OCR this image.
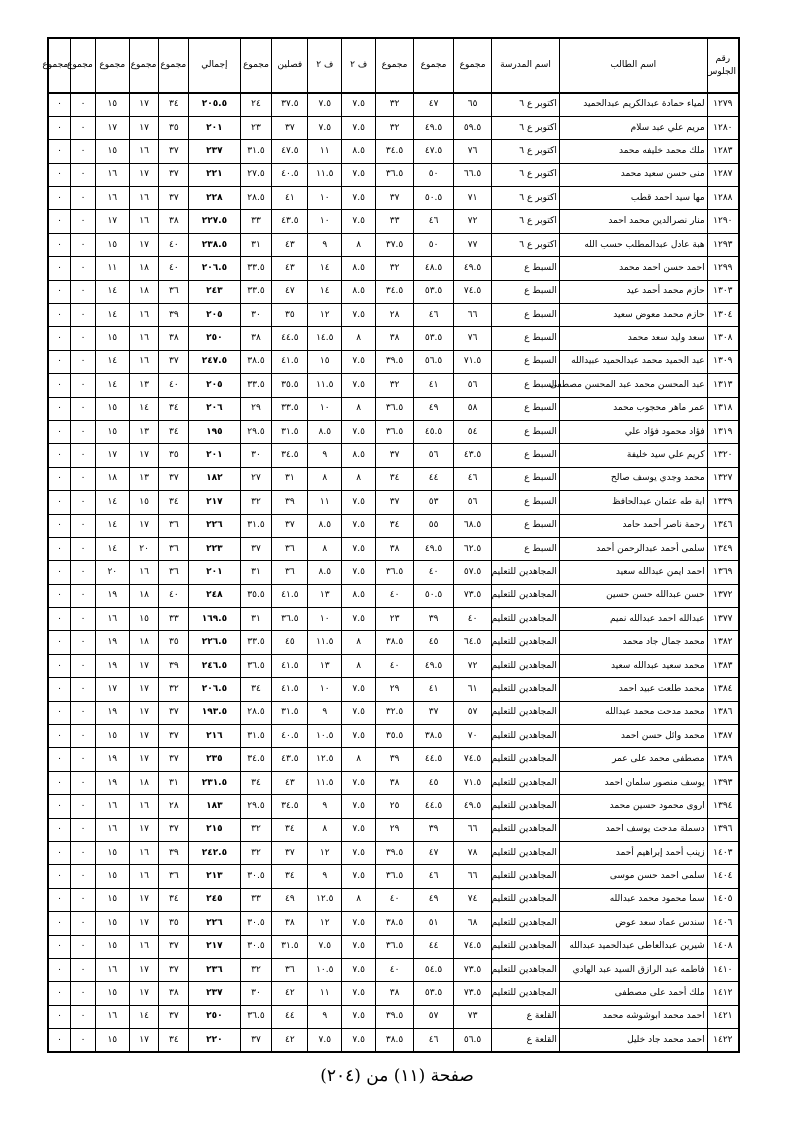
رقم الجلوس	اسم الطالب	اسم المدرسة	مجموع	مجموع	مجموع	ف ٢	ف ٢	فصلين	مجموع	إجمالي	مجموع	مجموع	مجموع	مجموع	مجموع
١٢٧٩	لمياء حمادة عبدالكريم عبدالحميد	اكتوبر ع ٦	٦٥	٤٧	٣٢	٧.٥	٧.٥	٣٧.٥	٢٤	٢٠٥.٥	٣٤	١٧	١٥	٠	٠
١٢٨٠	مريم علي عبد سلام	اكتوبر ع ٦	٥٩.٥	٤٩.٥	٣٢	٧.٥	٧.٥	٣٧	٢٣	٢٠١	٣٥	١٧	١٧	٠	٠
١٢٨٣	ملك محمد خليفه محمد	اكتوبر ع ٦	٧٦	٤٧.٥	٣٤.٥	٨.٥	١١	٤٧.٥	٣١.٥	٢٣٧	٣٧	١٦	١٥	٠	٠
١٢٨٧	منى حسن سعيد محمد	اكتوبر ع ٦	٦٦.٥	٥٠	٣٦.٥	٧.٥	١١.٥	٤٠.٥	٢٧.٥	٢٢١	٣٧	١٧	١٦	٠	٠
١٢٨٨	مها سيد احمد قطب	اكتوبر ع ٦	٧١	٥٠.٥	٣٧	٧.٥	١٠	٤١	٢٨.٥	٢٢٨	٣٧	١٦	١٦	٠	٠
١٢٩٠	منار نصرالدين محمد احمد	اكتوبر ع ٦	٧٢	٤٦	٣٣	٧.٥	١٠	٤٣.٥	٣٣	٢٢٧.٥	٣٨	١٦	١٧	٠	٠
١٢٩٣	هبة عادل عبدالمطلب حسب الله	اكتوبر ع ٦	٧٧	٥٠	٣٧.٥	٨	٩	٤٣	٣١	٢٣٨.٥	٤٠	١٧	١٥	٠	٠
١٢٩٩	احمد حسن احمد محمد	السبط ع	٤٩.٥	٤٨.٥	٣٢	٨.٥	١٤	٤٣	٣٣.٥	٢٠٦.٥	٤٠	١٨	١١	٠	٠
١٣٠٣	حازم محمد أحمد عيد	السبط ع	٧٤.٥	٥٣.٥	٣٤.٥	٨.٥	١٤	٤٧	٣٣.٥	٢٤٣	٣٦	١٨	١٤	٠	٠
١٣٠٤	حازم محمد معوض سعيد	السبط ع	٦٦	٤٦	٢٨	٧.٥	١٢	٣٥	٣٠	٢٠٥	٣٩	١٦	١٤	٠	٠
١٣٠٨	سعد وليد سعد محمد	السبط ع	٧٦	٥٣.٥	٣٨	٨	١٤.٥	٤٤.٥	٣٨	٢٥٠	٣٨	١٦	١٥	٠	٠
١٣٠٩	عبد الحميد محمد عبدالحميد عبيدالله	السبط ع	٧١.٥	٥٦.٥	٣٩.٥	٧.٥	١٥	٤١.٥	٣٨.٥	٢٤٧.٥	٣٧	١٦	١٤	٠	٠
١٣١٣	عبد المحسن محمد عبد المحسن مصطفى	السبط ع	٥٦	٤١	٣٢	٧.٥	١١.٥	٣٥.٥	٣٣.٥	٢٠٥	٤٠	١٣	١٤	٠	٠
١٣١٨	عمر ماهر محجوب محمد	السبط ع	٥٨	٤٩	٣٦.٥	٨	١٠	٣٣.٥	٢٩	٢٠٦	٣٤	١٤	١٥	٠	٠
١٣١٩	فؤاد محمود فؤاد علي	السبط ع	٥٤	٤٥.٥	٣٦.٥	٧.٥	٨.٥	٣١.٥	٢٩.٥	١٩٥	٣٤	١٣	١٥	٠	٠
١٣٢٠	كريم علي سيد خليفة	السبط ع	٤٣.٥	٥٦	٣٧	٨.٥	٩	٣٤.٥	٣٠	٢٠١	٣٥	١٧	١٧	٠	٠
١٣٢٧	محمد وجدي يوسف صالح	السبط ع	٤٦	٤٤	٣٤	٨	٨	٣١	٢٧	١٨٢	٣٧	١٣	١٨	٠	٠
١٣٣٩	ابة طه عثمان عبدالحافظ	السبط ع	٥٦	٥٣	٣٧	٧.٥	١١	٣٩	٣٢	٢١٧	٣٤	١٥	١٤	٠	٠
١٣٤٦	رحمة ناصر أحمد حامد	السبط ع	٦٨.٥	٥٥	٣٤	٧.٥	٨.٥	٣٧	٣١.٥	٢٢٦	٣٦	١٧	١٤	٠	٠
١٣٤٩	سلمى أحمد عبدالرحمن أحمد	السبط ع	٦٢.٥	٤٩.٥	٣٨	٧.٥	٨	٣٦	٣٧	٢٢٣	٣٦	٢٠	١٤	٠	٠
١٣٦٩	احمد ايمن عبدالله سعيد	المجاهدين للتعليم	٥٧.٥	٤٠	٣٦.٥	٧.٥	٨.٥	٣٦	٣١	٢٠١	٣٦	١٦	٢٠	٠	٠
١٣٧٢	حسن عبدالله حسن حسين	المجاهدين للتعليم	٧٣.٥	٥٠.٥	٤٠	٨.٥	١٣	٤١.٥	٣٥.٥	٢٤٨	٤٠	١٨	١٩	٠	٠
١٣٧٧	عبدالله احمد عبدالله نميم	المجاهدين للتعليم	٤٠	٣٩	٢٣	٧.٥	١٠	٣٦.٥	٣١	١٦٩.٥	٣٣	١٥	١٦	٠	٠
١٣٨٢	محمد جمال جاد محمد	المجاهدين للتعليم	٦٤.٥	٤٥	٣٨.٥	٨	١١.٥	٤٥	٣٣.٥	٢٢٦.٥	٣٥	١٨	١٩	٠	٠
١٣٨٣	محمد سعيد عبدالله سعيد	المجاهدين للتعليم	٧٢	٤٩.٥	٤٠	٨	١٣	٤١.٥	٣٦.٥	٢٤٦.٥	٣٩	١٧	١٩	٠	٠
١٣٨٤	محمد طلعت عبيد احمد	المجاهدين للتعليم	٦١	٤١	٢٩	٧.٥	١٠	٤١.٥	٣٤	٢٠٦.٥	٣٢	١٧	١٧	٠	٠
١٣٨٦	محمد مدحت محمد عبدالله	المجاهدين للتعليم	٥٧	٣٧	٣٢.٥	٧.٥	٩	٣١.٥	٢٨.٥	١٩٣.٥	٣٧	١٧	١٩	٠	٠
١٣٨٧	محمد وائل حسن احمد	المجاهدين للتعليم	٧٠	٣٨.٥	٣٥.٥	٧.٥	١٠.٥	٤٠.٥	٣١.٥	٢١٦	٣٧	١٧	١٥	٠	٠
١٣٨٩	مصطفى محمد على عمر	المجاهدين للتعليم	٧٤.٥	٤٤.٥	٣٩	٨	١٢.٥	٤٣.٥	٣٤.٥	٢٣٥	٣٧	١٧	١٩	٠	٠
١٣٩٣	يوسف منصور سلمان احمد	المجاهدين للتعليم	٧١.٥	٤٥	٣٨	٧.٥	١١.٥	٤٣	٣٤	٢٣١.٥	٣١	١٨	١٩	٠	٠
١٣٩٤	اروى محمود حسين محمد	المجاهدين للتعليم	٤٩.٥	٤٤.٥	٢٥	٧.٥	٩	٣٤.٥	٢٩.٥	١٨٣	٢٨	١٦	١٦	٠	٠
١٣٩٦	دسملة مدحت يوسف احمد	المجاهدين للتعليم	٦٦	٣٩	٢٩	٧.٥	٨	٣٤	٣٢	٢١٥	٣٧	١٧	١٦	٠	٠
١٤٠٣	زينب أحمد إبراهيم أحمد	المجاهدين للتعليم	٧٨	٤٧	٣٩.٥	٧.٥	١٢	٣٧	٣٢	٢٤٢.٥	٣٩	١٦	١٥	٠	٠
١٤٠٤	سلمى احمد حسن موسى	المجاهدين للتعليم	٦٦	٤٦	٣٦.٥	٧.٥	٩	٣٤	٣٠.٥	٢١٣	٣٦	١٦	١٥	٠	٠
١٤٠٥	سما محمود محمد عبدالله	المجاهدين للتعليم	٧٤	٤٩	٤٠	٨	١٢.٥	٤٩	٣٣	٢٤٥	٣٤	١٧	١٥	٠	٠
١٤٠٦	سندس عماد سعد عوض	المجاهدين للتعليم	٦٨	٥١	٣٨.٥	٧.٥	١٢	٣٨	٣٠.٥	٢٢٦	٣٥	١٧	١٥	٠	٠
١٤٠٨	شيرين عبدالعاطى عبدالحميد عبدالله	المجاهدين للتعليم	٧٤.٥	٤٤	٣٦.٥	٧.٥	٧.٥	٣١.٥	٣٠.٥	٢١٧	٣٧	١٦	١٥	٠	٠
١٤١٠	فاطمه عبد الرازق السيد عبد الهادي	المجاهدين للتعليم	٧٣.٥	٥٤.٥	٤٠	٧.٥	١٠.٥	٣٦	٣٢	٢٣٦	٣٧	١٧	١٦	٠	٠
١٤١٢	ملك أحمد على مصطفى	المجاهدين للتعليم	٧٣.٥	٥٣.٥	٣٨	٧.٥	١١	٤٢	٣٠	٢٣٧	٣٨	١٧	١٥	٠	٠
١٤٢١	احمد محمد ابوشوشه محمد	القلعة ع	٧٣	٥٧	٣٩.٥	٧.٥	٩	٤٤	٣٦.٥	٢٥٠	٣٧	١٤	١٦	٠	٠
١٤٢٢	احمد محمد جاد خليل	القلعة ع	٥٦.٥	٤٦	٣٨.٥	٧.٥	٧.٥	٤٢	٣٧	٢٢٠	٣٤	١٧	١٥	٠	٠
صفحة (١١) من (٢٠٤)
